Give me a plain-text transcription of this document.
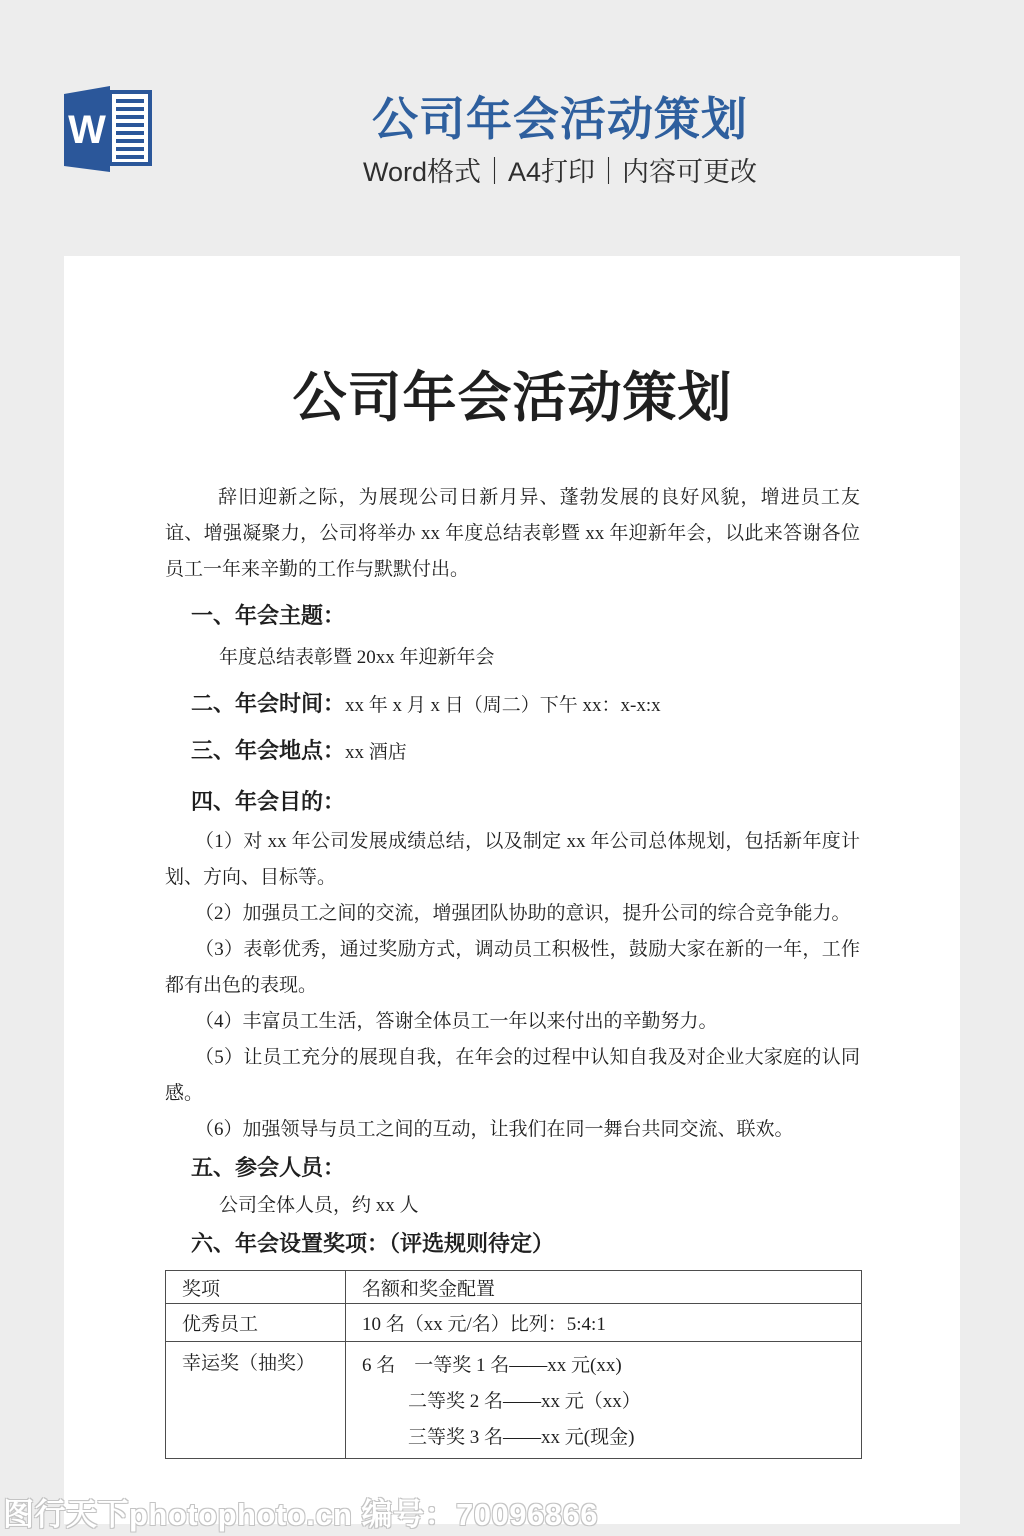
W	公司年会活动策划
Word格式｜A4打印｜内容可更改
公司年会活动策划

辞旧迎新之际，为展现公司日新月异、蓬勃发展的良好风貌，增进员工友谊、增强凝聚力，公司将举办 xx 年度总结表彰暨 xx 年迎新年会，以此来答谢各位员工一年来辛勤的工作与默默付出。

一、年会主题：

年度总结表彰暨 20xx 年迎新年会

二、年会时间：xx 年 x 月 x 日（周二）下午 xx：x-x:x

三、年会地点：xx 酒店

四、年会目的：

（1）对 xx 年公司发展成绩总结，以及制定 xx 年公司总体规划，包括新年度计划、方向、目标等。

（2）加强员工之间的交流，增强团队协助的意识，提升公司的综合竞争能力。

（3）表彰优秀，通过奖励方式，调动员工积极性，鼓励大家在新的一年，工作都有出色的表现。

（4）丰富员工生活，答谢全体员工一年以来付出的辛勤努力。

（5）让员工充分的展现自我，在年会的过程中认知自我及对企业大家庭的认同感。

（6）加强领导与员工之间的互动，让我们在同一舞台共同交流、联欢。

五、参会人员：

公司全体人员，约 xx 人

六、年会设置奖项：（评选规则待定）

奖项	名额和奖金配置
优秀员工	10 名（xx 元/名）比列：5:4:1
幸运奖（抽奖）	6 名　一等奖 1 名——xx 元(xx)
二等奖 2 名——xx 元（xx）
三等奖 3 名——xx 元(现金)
图行天下photophoto.cn 编号：70096866
